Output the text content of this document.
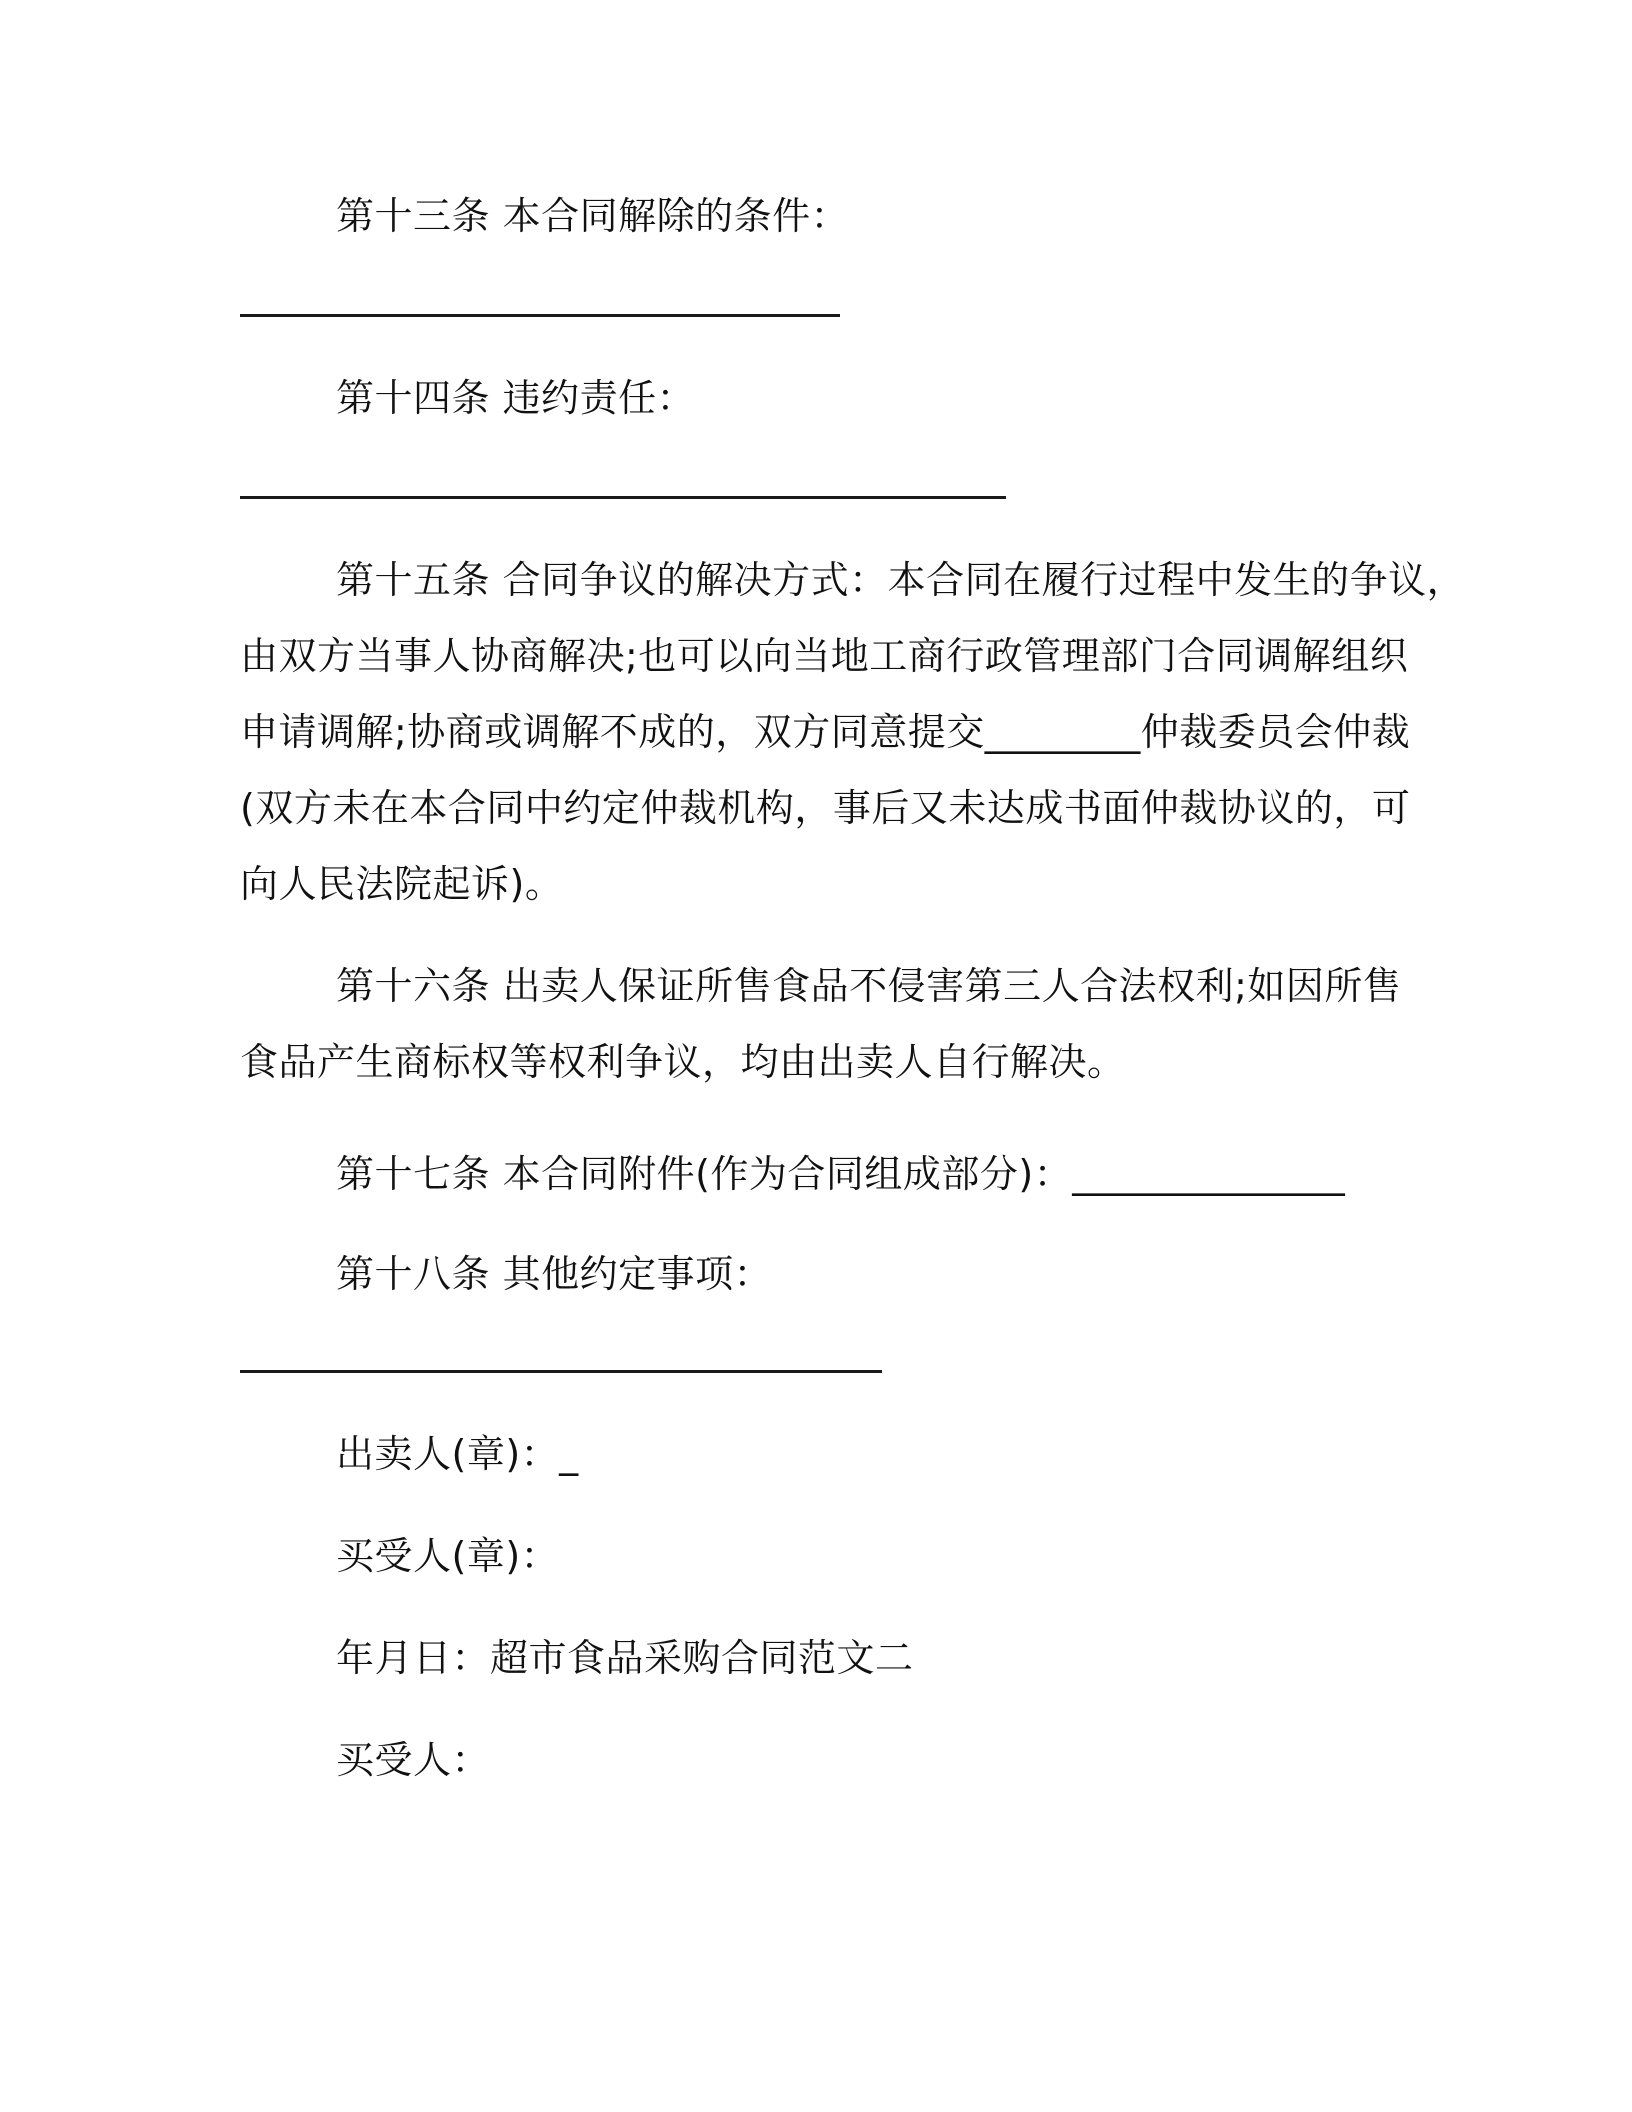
第十三条 本合同解除的条件：
第十四条 违约责任：
第十五条 合同争议的解决方式：本合同在履行过程中发生的争议，
由双方当事人协商解决;也可以向当地工商行政管理部门合同调解组织
申请调解;协商或调解不成的，双方同意提交________仲裁委员会仲裁
(双方未在本合同中约定仲裁机构，事后又未达成书面仲裁协议的，可
向人民法院起诉)。
第十六条 出卖人保证所售食品不侵害第三人合法权利;如因所售
食品产生商标权等权利争议，均由出卖人自行解决。
第十七条 本合同附件(作为合同组成部分)：______________
第十八条 其他约定事项：
出卖人(章)：_
买受人(章)：
年月日：超市食品采购合同范文二
买受人：
